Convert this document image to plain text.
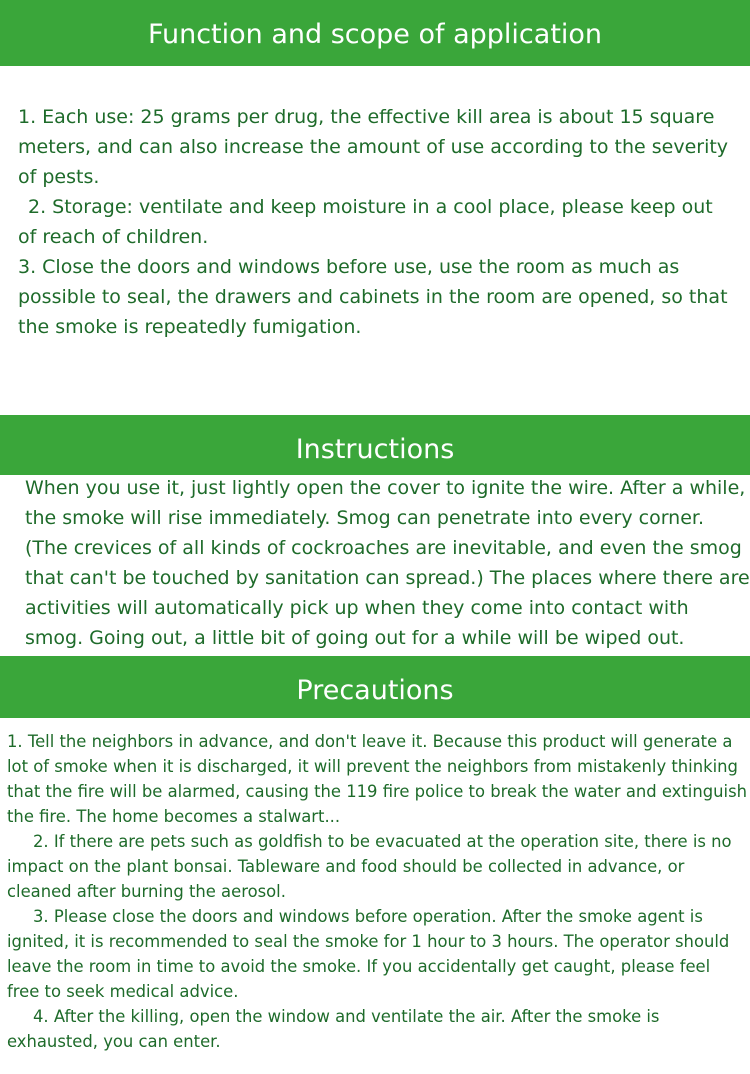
Function and scope of application

1. Each use: 25 grams per drug, the effective kill area is about 15 square meters, and can also increase the amount of use according to the severity of pests.

2. Storage: ventilate and keep moisture in a cool place, please keep out of reach of children.

3. Close the doors and windows before use, use the room as much as possible to seal, the drawers and cabinets in the room are opened, so that the smoke is repeatedly fumigation.

Instructions

When you use it, just lightly open the cover to ignite the wire. After a while, the smoke will rise immediately. Smog can penetrate into every corner. (The crevices of all kinds of cockroaches are inevitable, and even the smog that can't be touched by sanitation can spread.) The places where there are activities will automatically pick up when they come into contact with smog. Going out, a little bit of going out for a while will be wiped out.

Precautions

1. Tell the neighbors in advance, and don't leave it. Because this product will generate a lot of smoke when it is discharged, it will prevent the neighbors from mistakenly thinking that the fire will be alarmed, causing the 119 fire police to break the water and extinguish the fire. The home becomes a stalwart...

2. If there are pets such as goldfish to be evacuated at the operation site, there is no impact on the plant bonsai. Tableware and food should be collected in advance, or cleaned after burning the aerosol.

3. Please close the doors and windows before operation. After the smoke agent is ignited, it is recommended to seal the smoke for 1 hour to 3 hours. The operator should leave the room in time to avoid the smoke. If you accidentally get caught, please feel free to seek medical advice.

4. After the killing, open the window and ventilate the air. After the smoke is exhausted, you can enter.
